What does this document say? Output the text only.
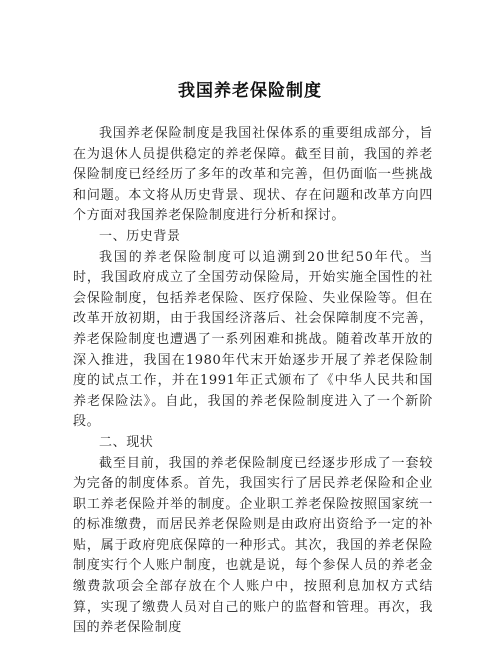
我国养老保险制度

我国养老保险制度是我国社保体系的重要组成部分，旨在为退休人员提供稳定的养老保障。截至目前，我国的养老保险制度已经经历了多年的改革和完善，但仍面临一些挑战和问题。本文将从历史背景、现状、存在问题和改革方向四个方面对我国养老保险制度进行分析和探讨。

一、历史背景

我国的养老保险制度可以追溯到20世纪50年代。当时，我国政府成立了全国劳动保险局，开始实施全国性的社会保险制度，包括养老保险、医疗保险、失业保险等。但在改革开放初期，由于我国经济落后、社会保障制度不完善，养老保险制度也遭遇了一系列困难和挑战。随着改革开放的深入推进，我国在1980年代末开始逐步开展了养老保险制度的试点工作，并在1991年正式颁布了《中华人民共和国养老保险法》。自此，我国的养老保险制度进入了一个新阶段。

二、现状

截至目前，我国的养老保险制度已经逐步形成了一套较为完备的制度体系。首先，我国实行了居民养老保险和企业职工养老保险并举的制度。企业职工养老保险按照国家统一的标准缴费，而居民养老保险则是由政府出资给予一定的补贴，属于政府兜底保障的一种形式。其次，我国的养老保险制度实行个人账户制度，也就是说，每个参保人员的养老金缴费款项会全部存放在个人账户中，按照利息加权方式结算，实现了缴费人员对自己的账户的监督和管理。再次，我国的养老保险制度
